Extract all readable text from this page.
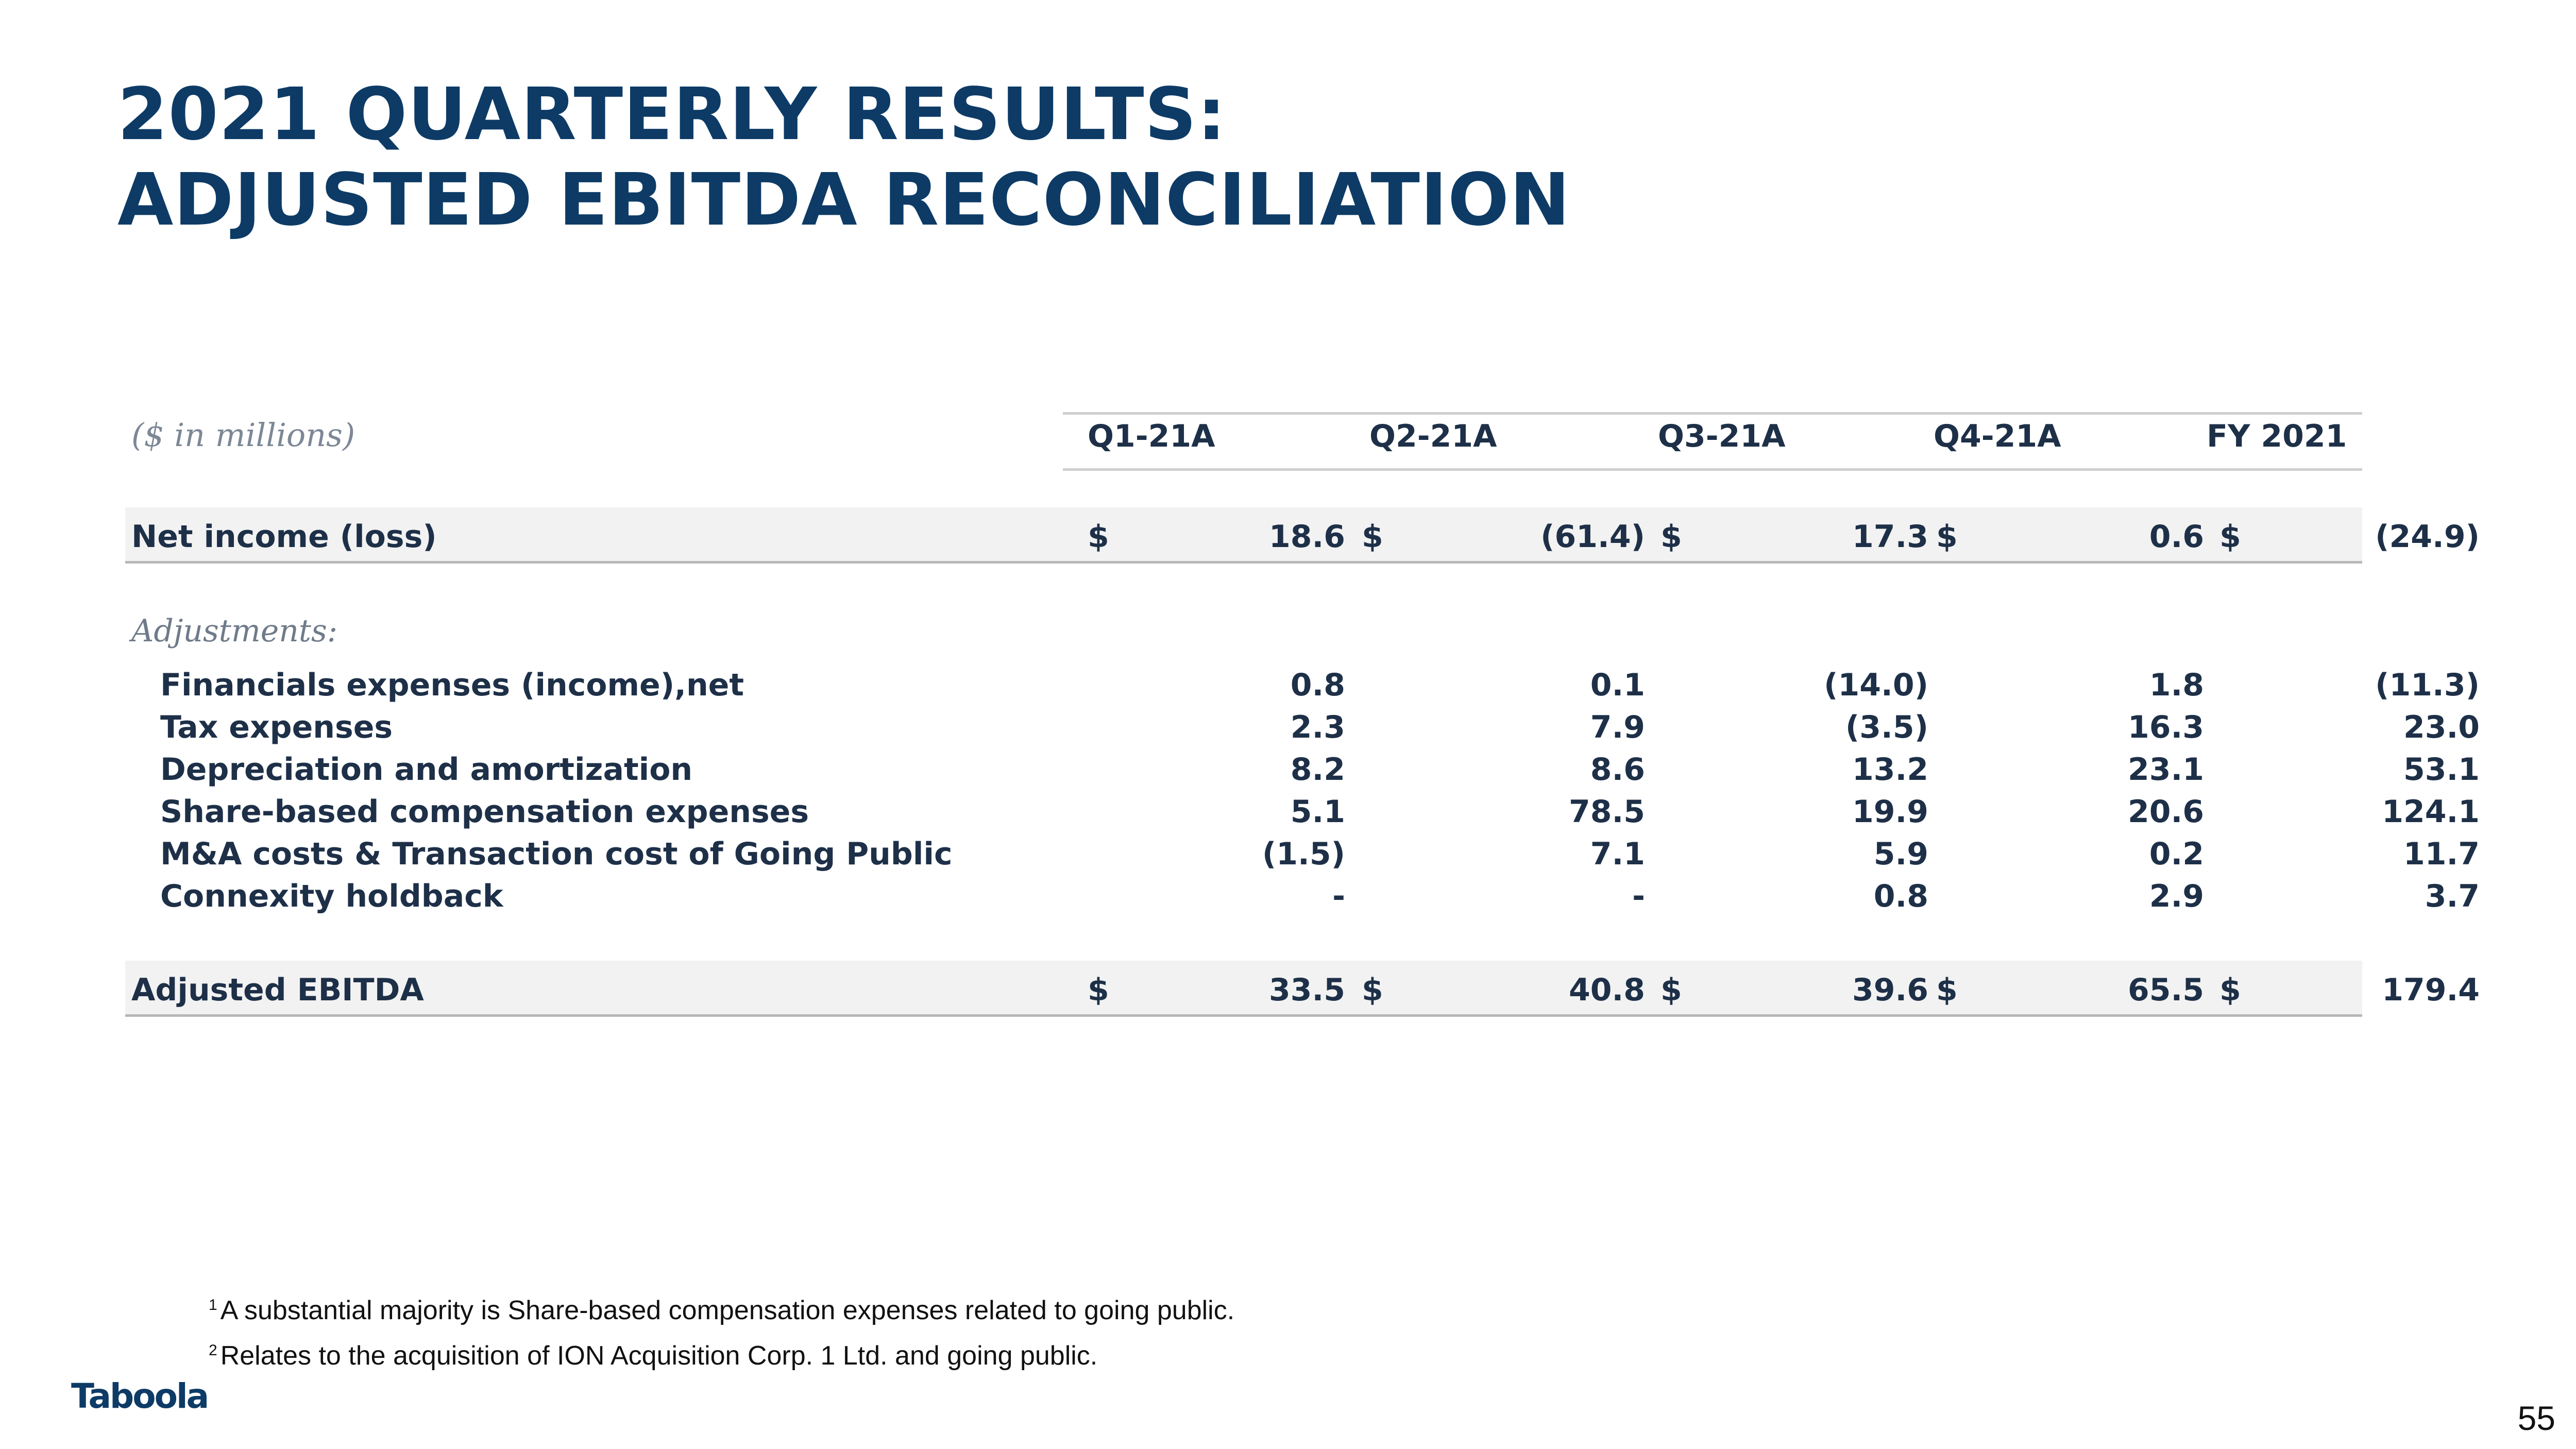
2021 QUARTERLY RESULTS:
ADJUSTED EBITDA RECONCILIATION
($ in millions)	Q1-21A	Q2-21A	Q3-21A	Q4-21A	FY 2021
Net income (loss)	$	18.6 $	(61.4) $	17.3 $	0.6 $	(24.9)
Adjustments:
Financials expenses (income),net	0.8	0.1	(14.0)	1.8	(11.3)
Tax expenses	2.3	7.9	(3.5)	16.3	23.0
Depreciation and amortization	8.2	8.6	13.2	23.1	53.1
Share-based compensation expenses	5.1	78.5	19.9	20.6	124.1
M&A costs & Transaction cost of Going Public	(1.5)	7.1	5.9	0.2	11.7
Connexity holdback	-	-	0.8	2.9	3.7
Adjusted EBITDA	$	33.5 $	40.8 $	39.6 $	65.5 $	179.4
$^1$ A substantial majority is Share-based compensation expenses related to going public.
$^2$ Relates to the acquisition of ION Acquisition Corp. 1 Ltd. and going public.
Taboola
55
